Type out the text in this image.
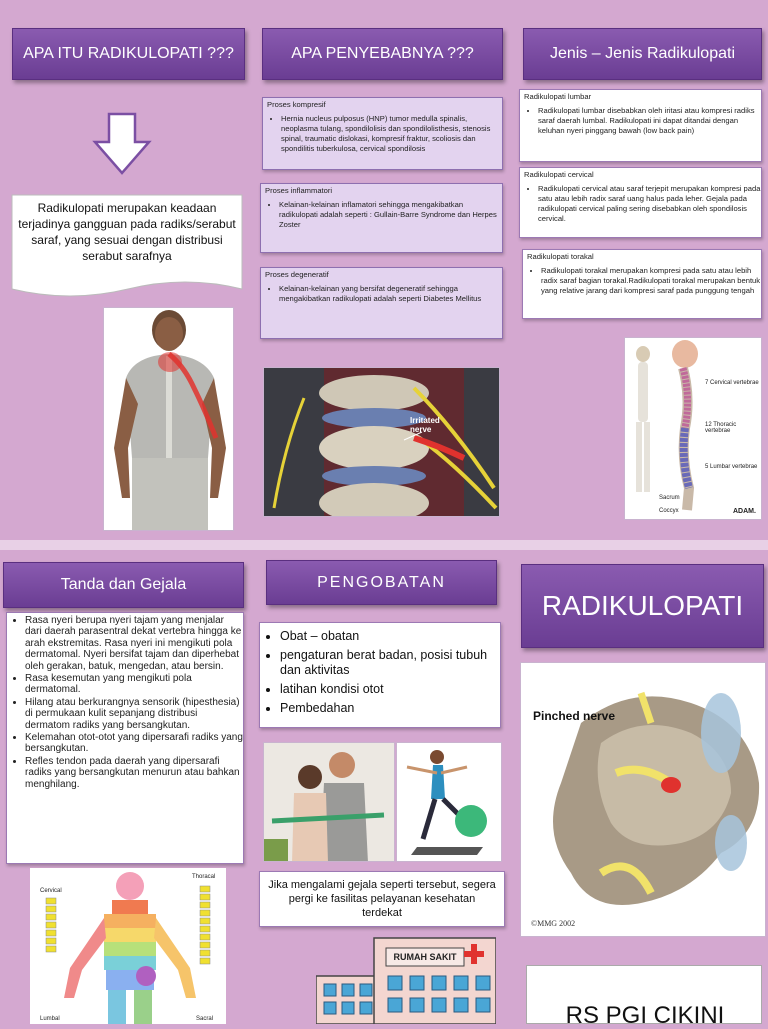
APA ITU RADIKULOPATI ???	APA PENYEBABNYA ???	Jenis – Jenis Radikulopati
Radikulopati merupakan keadaan terjadinya gangguan pada radiks/serabut saraf, yang sesuai dengan distribusi serabut sarafnya
Proses kompresif
• Hernia nucleus pulposus (HNP) tumor medulla spinalis, neoplasma tulang, spondilolisis dan spondilolisthesis, stenosis spinal, traumatic dislokasi, kompresif fraktur, scoliosis dan spondilitis tuberkulosa, cervical spondilosis
Proses inflammatori
• Kelainan-kelainan inflamatori sehingga mengakibatkan radikulopati adalah seperti : Gullain-Barre Syndrome dan Herpes Zoster
Proses degeneratif
• Kelainan-kelainan yang bersifat degeneratif sehingga mengakibatkan radikulopati adalah seperti Diabetes Mellitus
Irritated nerve
Radikulopati lumbar
• Radikulopati lumbar disebabkan oleh iritasi atau kompresi radiks saraf daerah lumbal. Radikulopati ini dapat ditandai dengan keluhan nyeri pinggang bawah (low back pain)
Radikulopati cervical
• Radikulopati cervical atau saraf terjepit merupakan kompresi pada satu atau lebih radix saraf uang halus pada leher. Gejala pada radikulopati cervical paling sering disebabkan oleh spondilosis cervical.
Radikulopati torakal
• Radikulopati torakal merupakan kompresi pada satu atau lebih radix saraf bagian torakal.Radikulopati torakal merupakan bentuk yang relative jarang dari kompresi saraf pada punggung tengah
7 Cervical vertebrae
12 Thoracic vertebrae
5 Lumbar vertebrae
Sacrum
Coccyx	ADAM.
Tanda dan Gejala	PENGOBATAN
RADIKULOPATI
• Rasa nyeri berupa nyeri tajam yang menjalar dari daerah parasentral dekat vertebra hingga ke arah ekstremitas. Rasa nyeri ini mengikuti pola dermatomal. Nyeri bersifat tajam dan diperhebat oleh gerakan, batuk, mengedan, atau bersin.
• Rasa kesemutan yang mengikuti pola dermatomal.
• Hilang atau berkurangnya sensorik (hipesthesia) di permukaan kulit sepanjang distribusi dermatom radiks yang bersangkutan.
• Kelemahan otot-otot yang dipersarafi radiks yang bersangkutan.
• Refles tendon pada daerah yang dipersarafi radiks yang bersangkutan menurun atau bahkan menghilang.
• Obat – obatan
• pengaturan berat badan, posisi tubuh dan aktivitas
• latihan kondisi otot
• Pembedahan
Jika mengalami gejala seperti tersebut, segera pergi ke fasilitas pelayanan kesehatan terdekat
Pinched nerve
©MMG 2002
Cervical
Thoracal
Lumbal	Sacral
RUMAH SAKIT
RS PGI CIKINI
